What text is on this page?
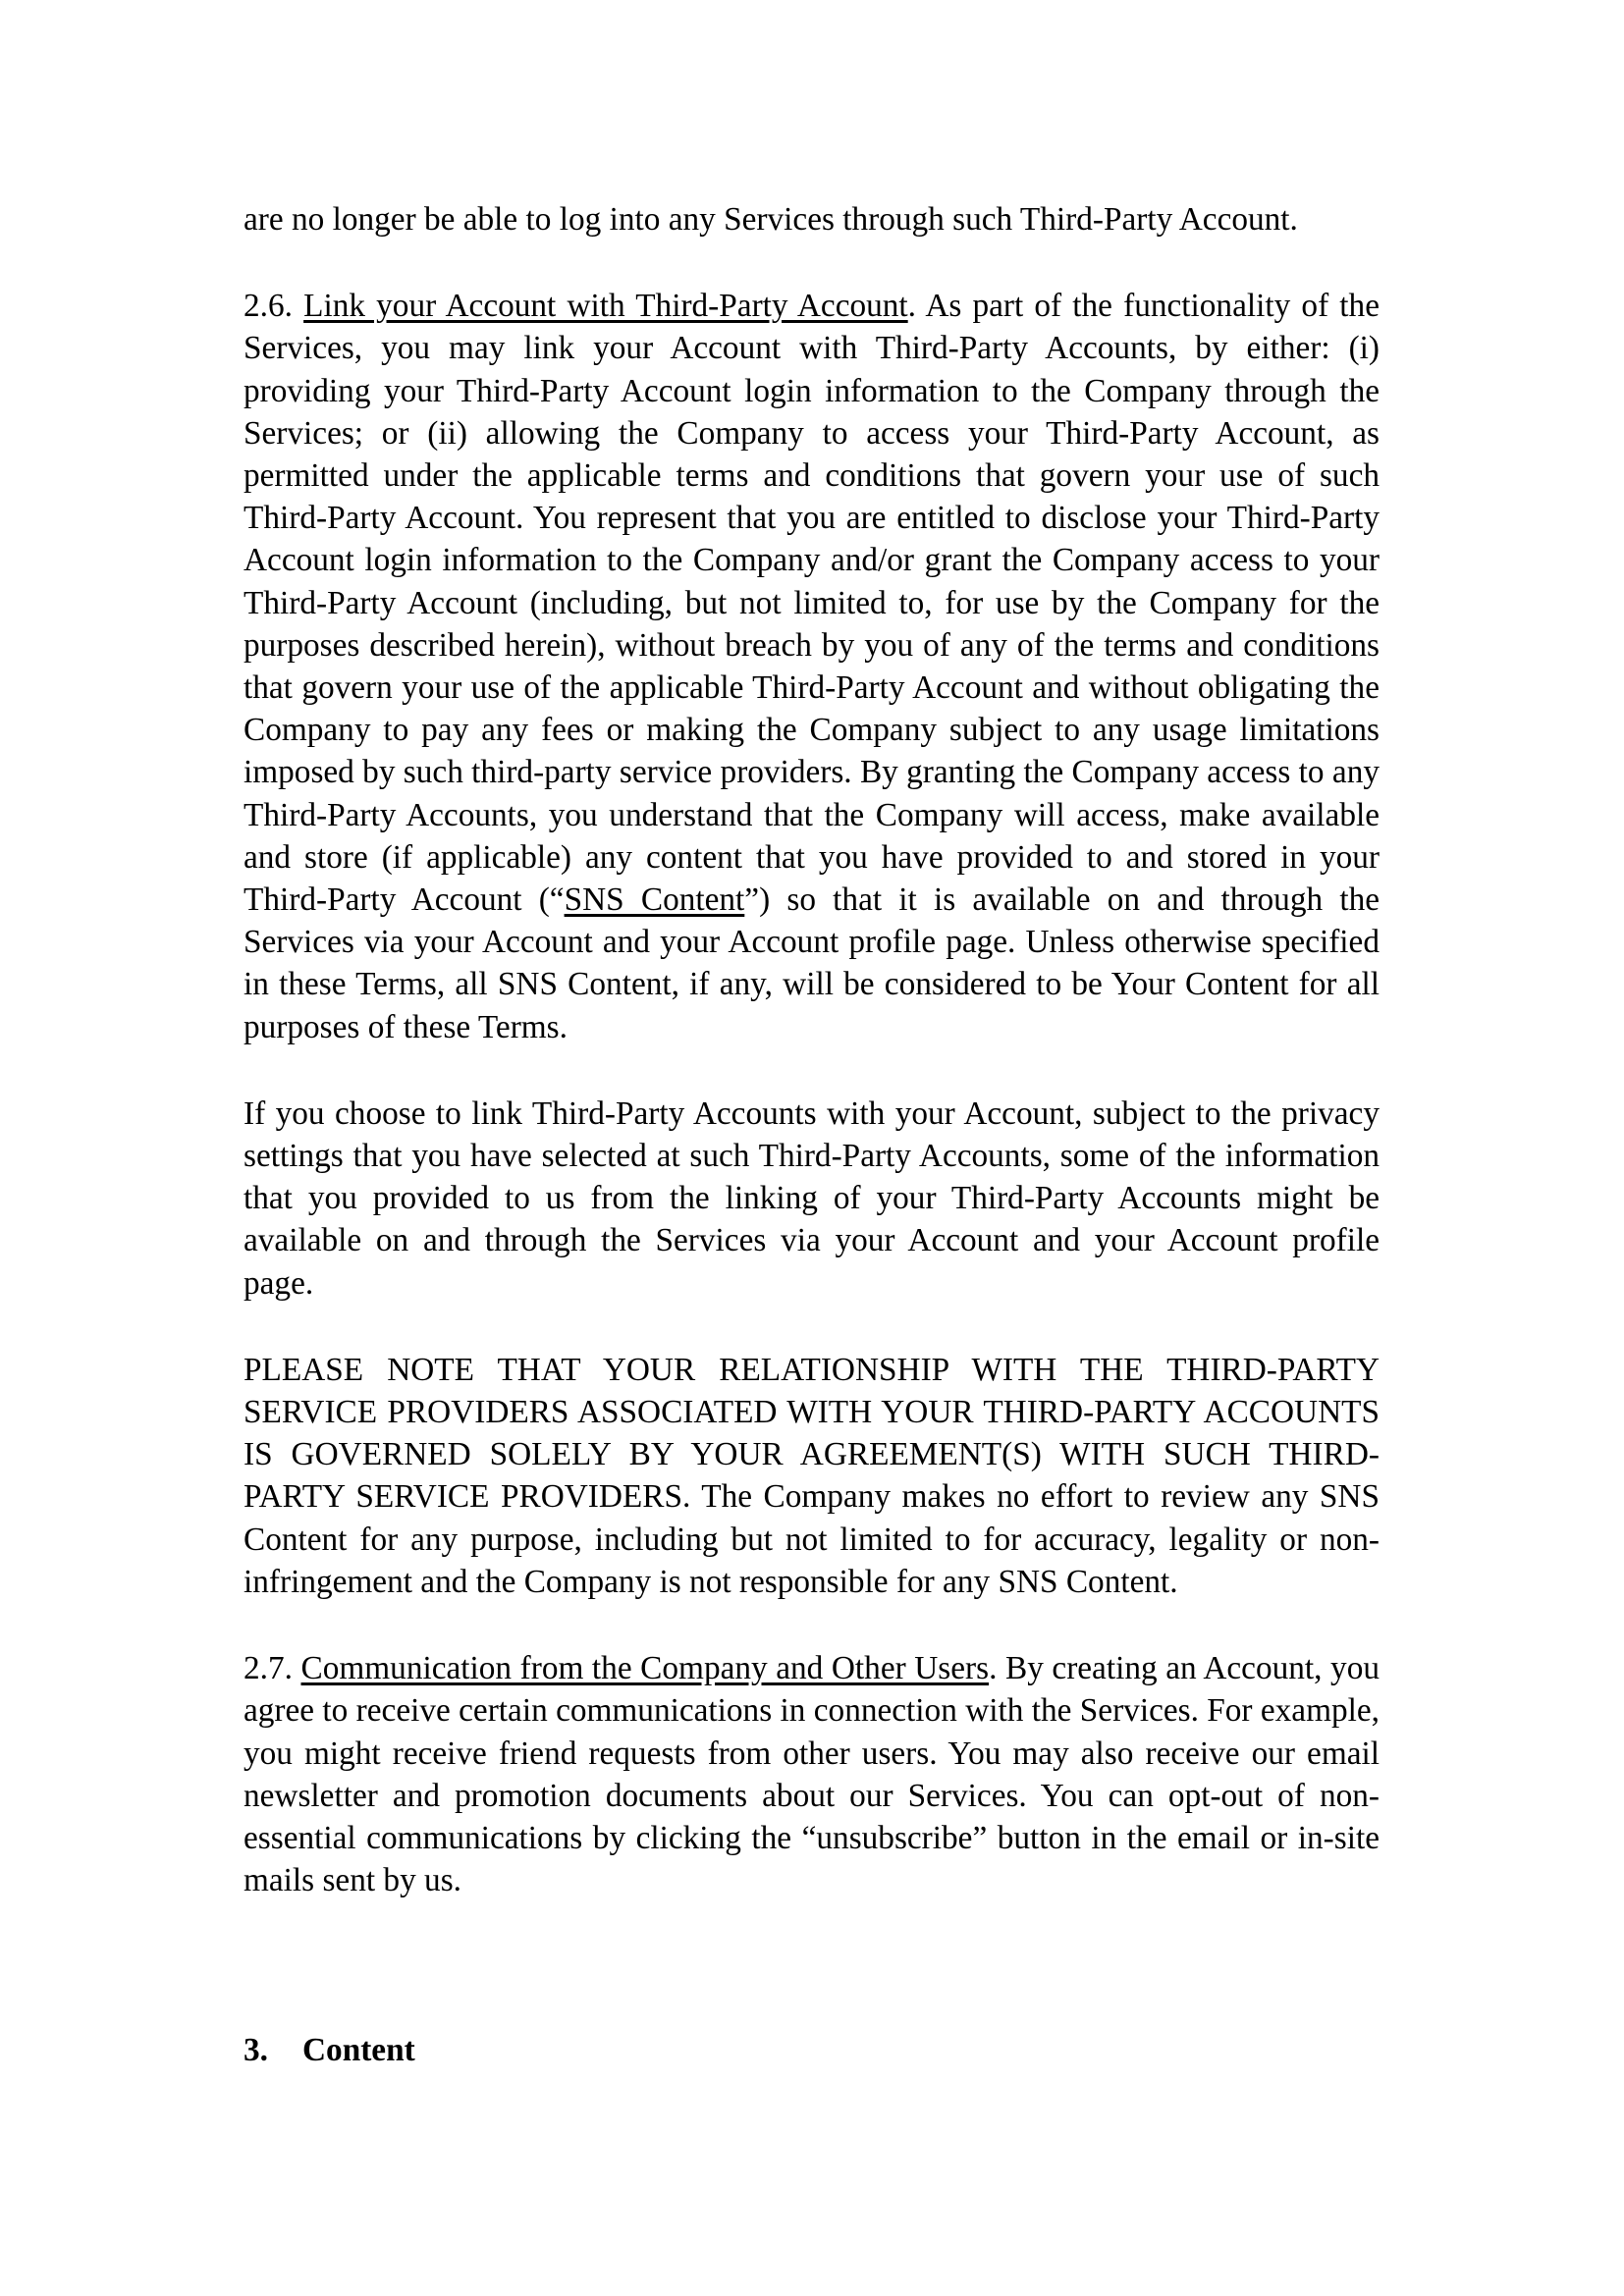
are no longer be able to log into any Services through such Third-Party Account.

2.6. Link your Account with Third-Party Account. As part of the functionality of the Services, you may link your Account with Third-Party Accounts, by either: (i) providing your Third-Party Account login information to the Company through the Services; or (ii) allowing the Company to access your Third-Party Account, as permitted under the applicable terms and conditions that govern your use of such Third-Party Account. You represent that you are entitled to disclose your Third-Party Account login information to the Company and/or grant the Company access to your Third-Party Account (including, but not limited to, for use by the Company for the purposes described herein), without breach by you of any of the terms and conditions that govern your use of the applicable Third-Party Account and without obligating the Company to pay any fees or making the Company subject to any usage limitations imposed by such third-party service providers. By granting the Company access to any Third-Party Accounts, you understand that the Company will access, make available and store (if applicable) any content that you have provided to and stored in your Third-Party Account (“SNS Content”) so that it is available on and through the Services via your Account and your Account profile page. Unless otherwise specified in these Terms, all SNS Content, if any, will be considered to be Your Content for all purposes of these Terms.

If you choose to link Third-Party Accounts with your Account, subject to the privacy settings that you have selected at such Third-Party Accounts, some of the information that you provided to us from the linking of your Third-Party Accounts might be available on and through the Services via your Account and your Account profile page.

PLEASE NOTE THAT YOUR RELATIONSHIP WITH THE THIRD-PARTY SERVICE PROVIDERS ASSOCIATED WITH YOUR THIRD-PARTY ACCOUNTS IS GOVERNED SOLELY BY YOUR AGREEMENT(S) WITH SUCH THIRD-PARTY SERVICE PROVIDERS. The Company makes no effort to review any SNS Content for any purpose, including but not limited to for accuracy, legality or non-infringement and the Company is not responsible for any SNS Content.

2.7. Communication from the Company and Other Users. By creating an Account, you agree to receive certain communications in connection with the Services. For example, you might receive friend requests from other users. You may also receive our email newsletter and promotion documents about our Services. You can opt-out of non-essential communications by clicking the “unsubscribe” button in the email or in-site mails sent by us.

3. Content
